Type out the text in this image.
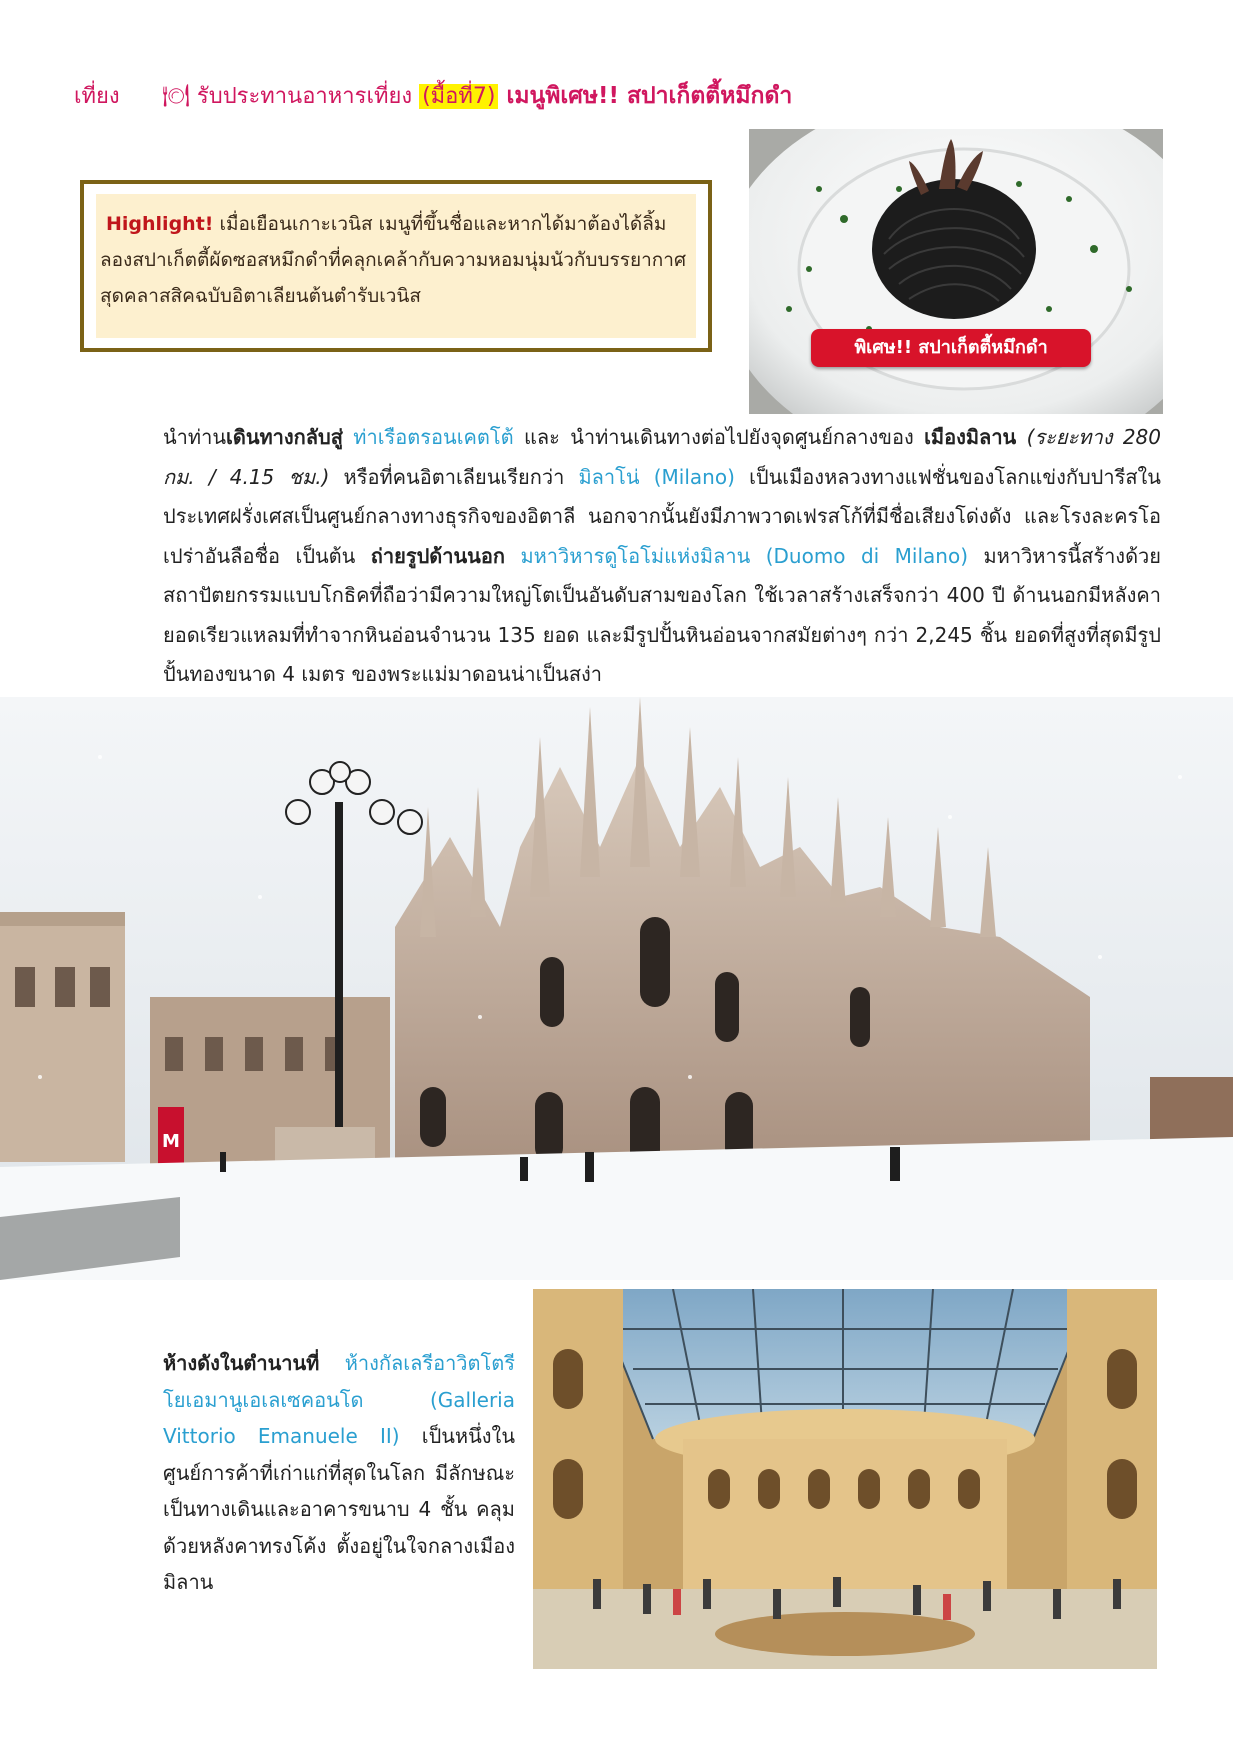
เที่ยง 🍽 รับประทานอาหารเที่ยง (มื้อที่7) เมนูพิเศษ!! สปาเก็ตตี้หมึกดำ
Highlight! เมื่อเยือนเกาะเวนิส เมนูที่ขึ้นชื่อและหากได้มาต้องได้ลิ้มลองสปาเก็ตตี้ผัดซอสหมึกดำที่คลุกเคล้ากับความหอมนุ่มนัวกับบรรยากาศ สุดคลาสสิคฉบับอิตาเลียนต้นตำรับเวนิส
พิเศษ!! สปาเก็ตตี้หมึกดำ
นำท่านเดินทางกลับสู่ ท่าเรือตรอนเคตโต้ และ นำท่านเดินทางต่อไปยังจุดศูนย์กลางของ เมืองมิลาน (ระยะทาง 280 กม. / 4.15 ชม.) หรือที่คนอิตาเลียนเรียกว่า มิลาโน่ (Milano) เป็นเมืองหลวงทางแฟชั่นของโลกแข่งกับปารีสในประเทศฝรั่งเศสเป็นศูนย์กลางทางธุรกิจของอิตาลี นอกจากนั้นยังมีภาพวาดเฟรสโก้ที่มีชื่อเสียงโด่งดัง และโรงละครโอเปร่าอันลือชื่อ เป็นต้น ถ่ายรูปด้านนอก มหาวิหารดูโอโม่แห่งมิลาน (Duomo di Milano) มหาวิหารนี้สร้างด้วยสถาปัตยกรรมแบบโกธิคที่ถือว่ามีความใหญ่โตเป็นอันดับสามของโลก ใช้เวลาสร้างเสร็จกว่า 400 ปี ด้านนอกมีหลังคายอดเรียวแหลมที่ทำจากหินอ่อนจำนวน 135 ยอด และมีรูปปั้นหินอ่อนจากสมัยต่างๆ กว่า 2,245 ชิ้น ยอดที่สูงที่สุดมีรูปปั้นทองขนาด 4 เมตร ของพระแม่มาดอนน่าเป็นสง่า
M
ห้างดังในตำนานที่ ห้างกัลเลรีอาวิตโตรีโยเอมานูเอเลเซคอนโด (Galleria Vittorio Emanuele II) เป็นหนึ่งในศูนย์การค้าที่เก่าแก่ที่สุดในโลก มีลักษณะเป็นทางเดินและอาคารขนาบ 4 ชั้น คลุมด้วยหลังคาทรงโค้ง ตั้งอยู่ในใจกลางเมืองมิลาน
